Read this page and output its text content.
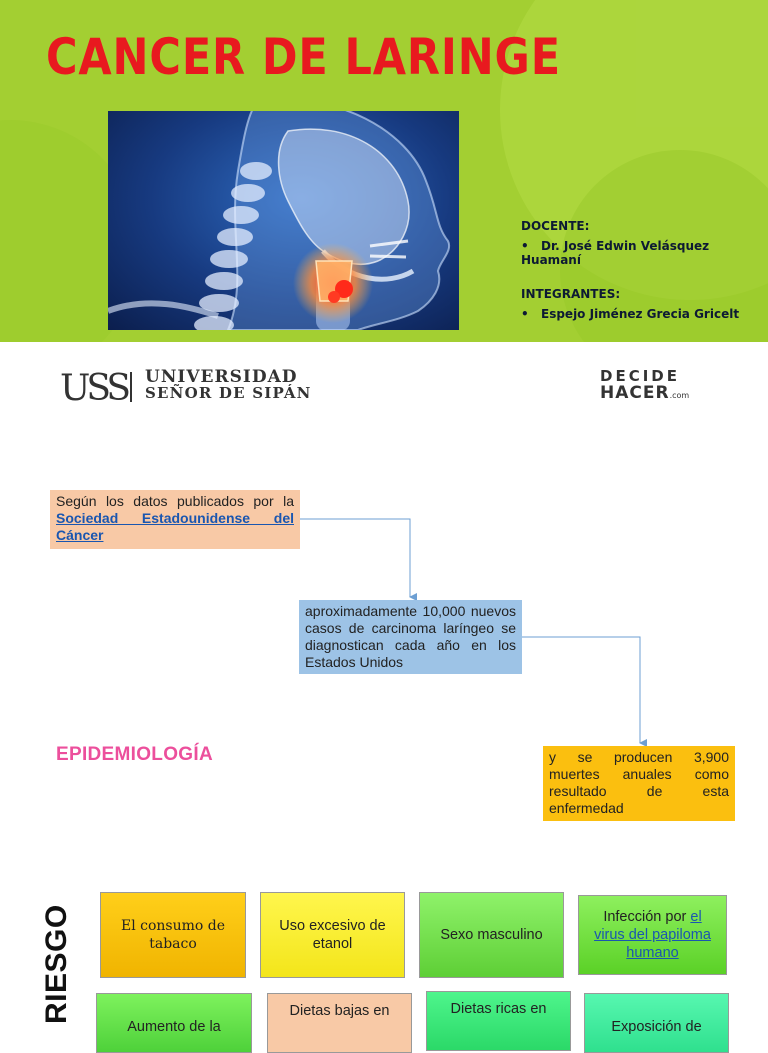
CANCER DE LARINGE
DOCENTE:
• Dr. José Edwin Velásquez Huamaní
INTEGRANTES:
• Espejo Jiménez Grecia Gricelt
USS UNIVERSIDAD
SEÑOR DE SIPÁN
DECIDE
HACER.com
Según los datos publicados por la Sociedad Estadounidense del Cáncer
aproximadamente 10,000 nuevos casos de carcinoma laríngeo se diagnostican cada año en los Estados Unidos
EPIDEMIOLOGÍA	y se producen 3,900 muertes anuales como resultado de esta enfermedad
RIESGO	El consumo de tabaco
Uso excesivo de etanol
Sexo masculino
Infección por el virus del papiloma humano
Aumento de la
Dietas bajas en	Dietas ricas en
Exposición de
